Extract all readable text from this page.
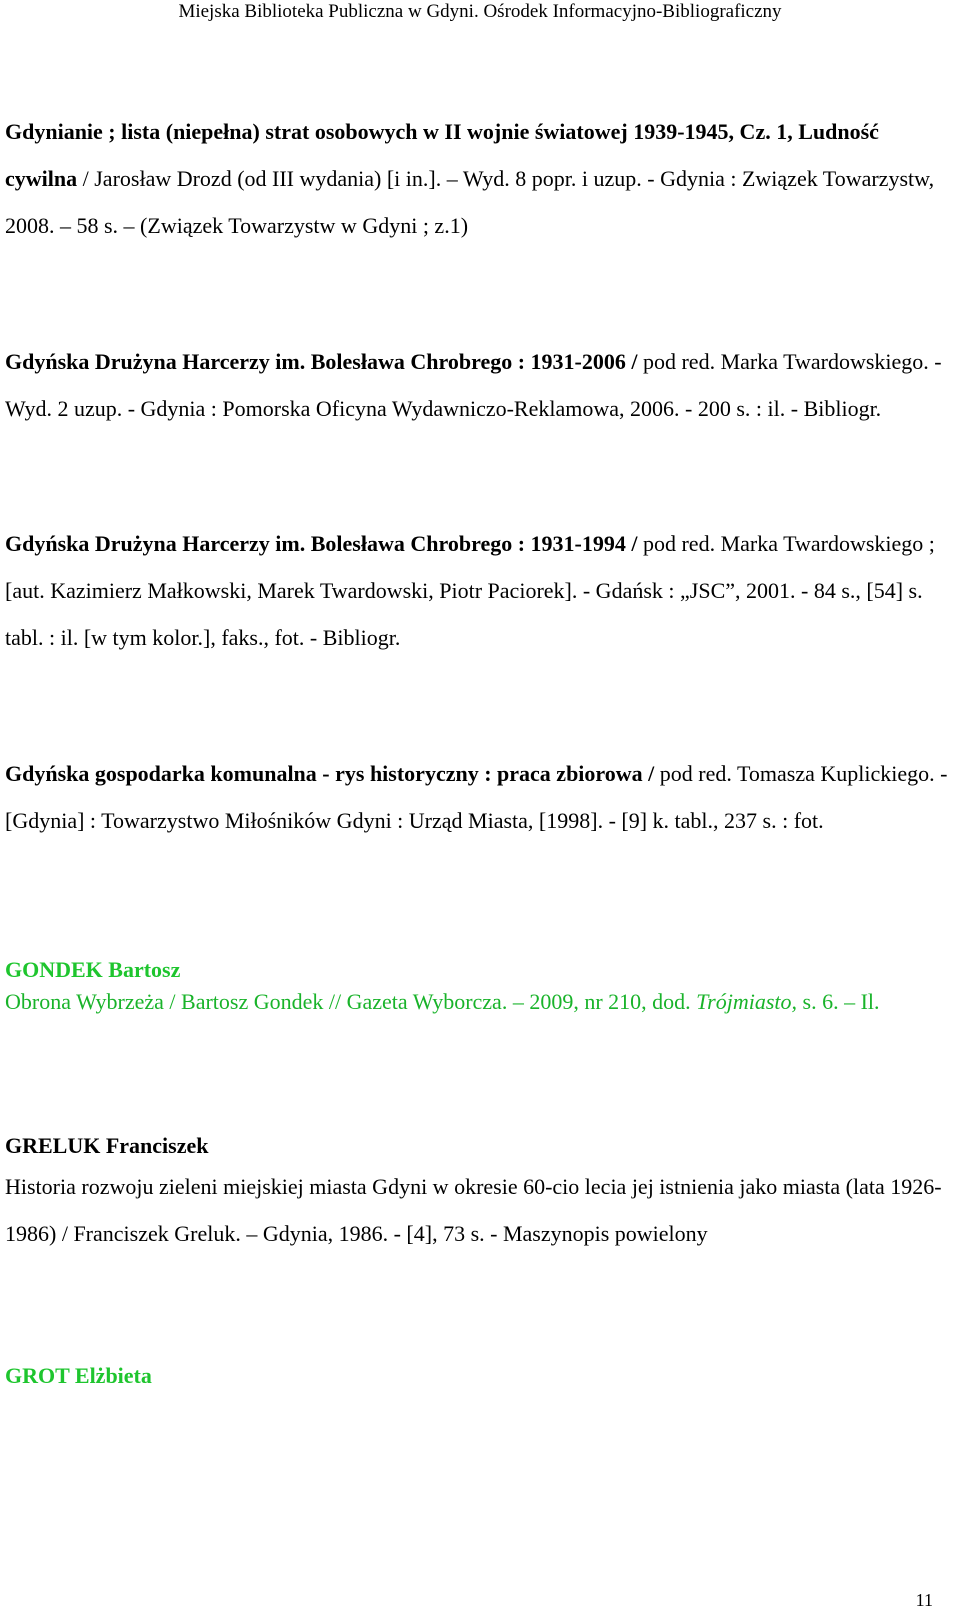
Miejska Biblioteka Publiczna w Gdyni. Ośrodek Informacyjno-Bibliograficzny

Gdynianie ; lista (niepełna) strat osobowych w II wojnie światowej 1939-1945, Cz. 1, Ludność cywilna / Jarosław Drozd (od III wydania) [i in.]. – Wyd. 8 popr. i uzup. - Gdynia : Związek Towarzystw, 2008. – 58 s. – (Związek Towarzystw w Gdyni ; z.1)

Gdyńska Drużyna Harcerzy im. Bolesława Chrobrego : 1931-2006 / pod red. Marka Twardowskiego. - Wyd. 2 uzup. - Gdynia : Pomorska Oficyna Wydawniczo-Reklamowa, 2006. - 200 s. : il. - Bibliogr.

Gdyńska Drużyna Harcerzy im. Bolesława Chrobrego : 1931-1994 / pod red. Marka Twardowskiego ; [aut. Kazimierz Małkowski, Marek Twardowski, Piotr Paciorek]. - Gdańsk : „JSC”, 2001. - 84 s., [54] s. tabl. : il. [w tym kolor.], faks., fot. - Bibliogr.

Gdyńska gospodarka komunalna - rys historyczny : praca zbiorowa / pod red. Tomasza Kuplickiego. - [Gdynia] : Towarzystwo Miłośników Gdyni : Urząd Miasta, [1998]. - [9] k. tabl., 237 s. : fot.

GONDEK Bartosz

Obrona Wybrzeża / Bartosz Gondek // Gazeta Wyborcza. – 2009, nr 210, dod. Trójmiasto, s. 6. – Il.

GRELUK Franciszek

Historia rozwoju zieleni miejskiej miasta Gdyni w okresie 60-cio lecia jej istnienia jako miasta (lata 1926-1986) / Franciszek Greluk. – Gdynia, 1986. - [4], 73 s. - Maszynopis powielony

GROT Elżbieta

11
